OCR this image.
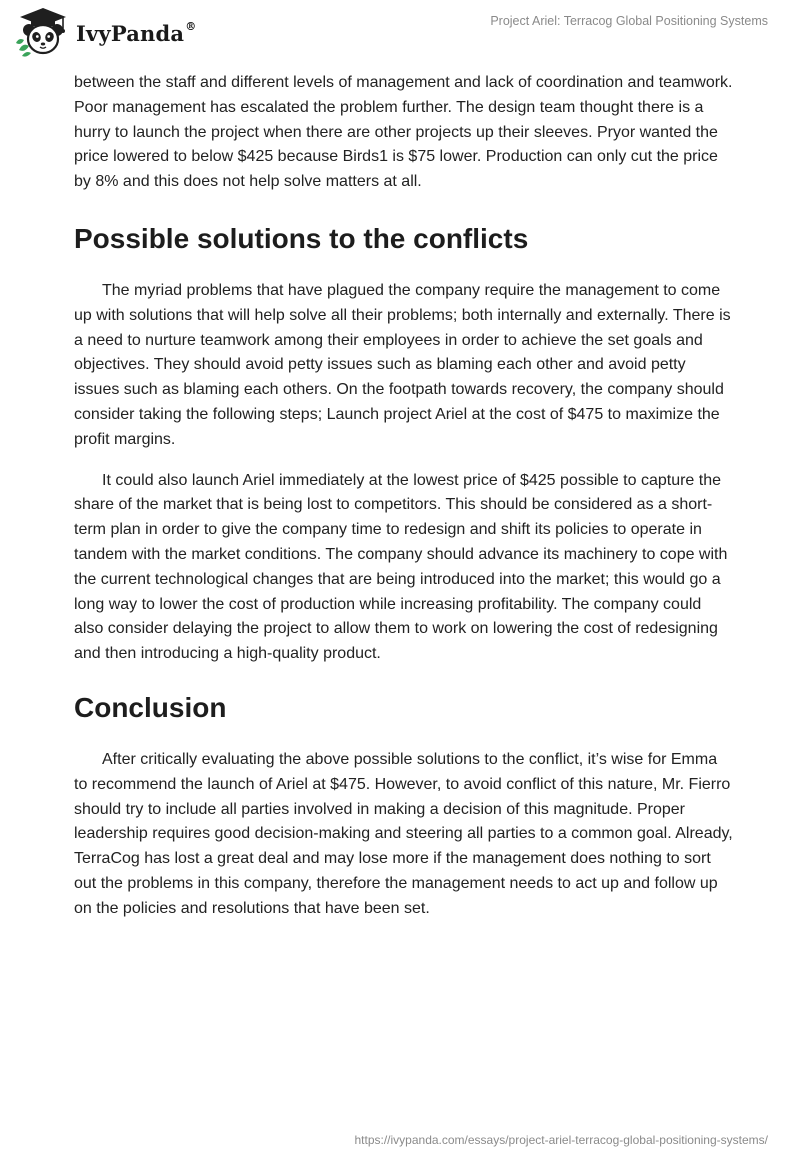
IvyPanda®	Project Ariel: Terracog Global Positioning Systems

between the staff and different levels of management and lack of coordination and teamwork. Poor management has escalated the problem further. The design team thought there is a hurry to launch the project when there are other projects up their sleeves. Pryor wanted the price lowered to below $425 because Birds1 is $75 lower. Production can only cut the price by 8% and this does not help solve matters at all.

Possible solutions to the conflicts

The myriad problems that have plagued the company require the management to come up with solutions that will help solve all their problems; both internally and externally. There is a need to nurture teamwork among their employees in order to achieve the set goals and objectives. They should avoid petty issues such as blaming each other and avoid petty issues such as blaming each others. On the footpath towards recovery, the company should consider taking the following steps; Launch project Ariel at the cost of $475 to maximize the profit margins.

It could also launch Ariel immediately at the lowest price of $425 possible to capture the share of the market that is being lost to competitors. This should be considered as a short-term plan in order to give the company time to redesign and shift its policies to operate in tandem with the market conditions. The company should advance its machinery to cope with the current technological changes that are being introduced into the market; this would go a long way to lower the cost of production while increasing profitability. The company could also consider delaying the project to allow them to work on lowering the cost of redesigning and then introducing a high-quality product.

Conclusion

After critically evaluating the above possible solutions to the conflict, it’s wise for Emma to recommend the launch of Ariel at $475. However, to avoid conflict of this nature, Mr. Fierro should try to include all parties involved in making a decision of this magnitude. Proper leadership requires good decision-making and steering all parties to a common goal. Already, TerraCog has lost a great deal and may lose more if the management does nothing to sort out the problems in this company, therefore the management needs to act up and follow up on the policies and resolutions that have been set.

https://ivypanda.com/essays/project-ariel-terracog-global-positioning-systems/
